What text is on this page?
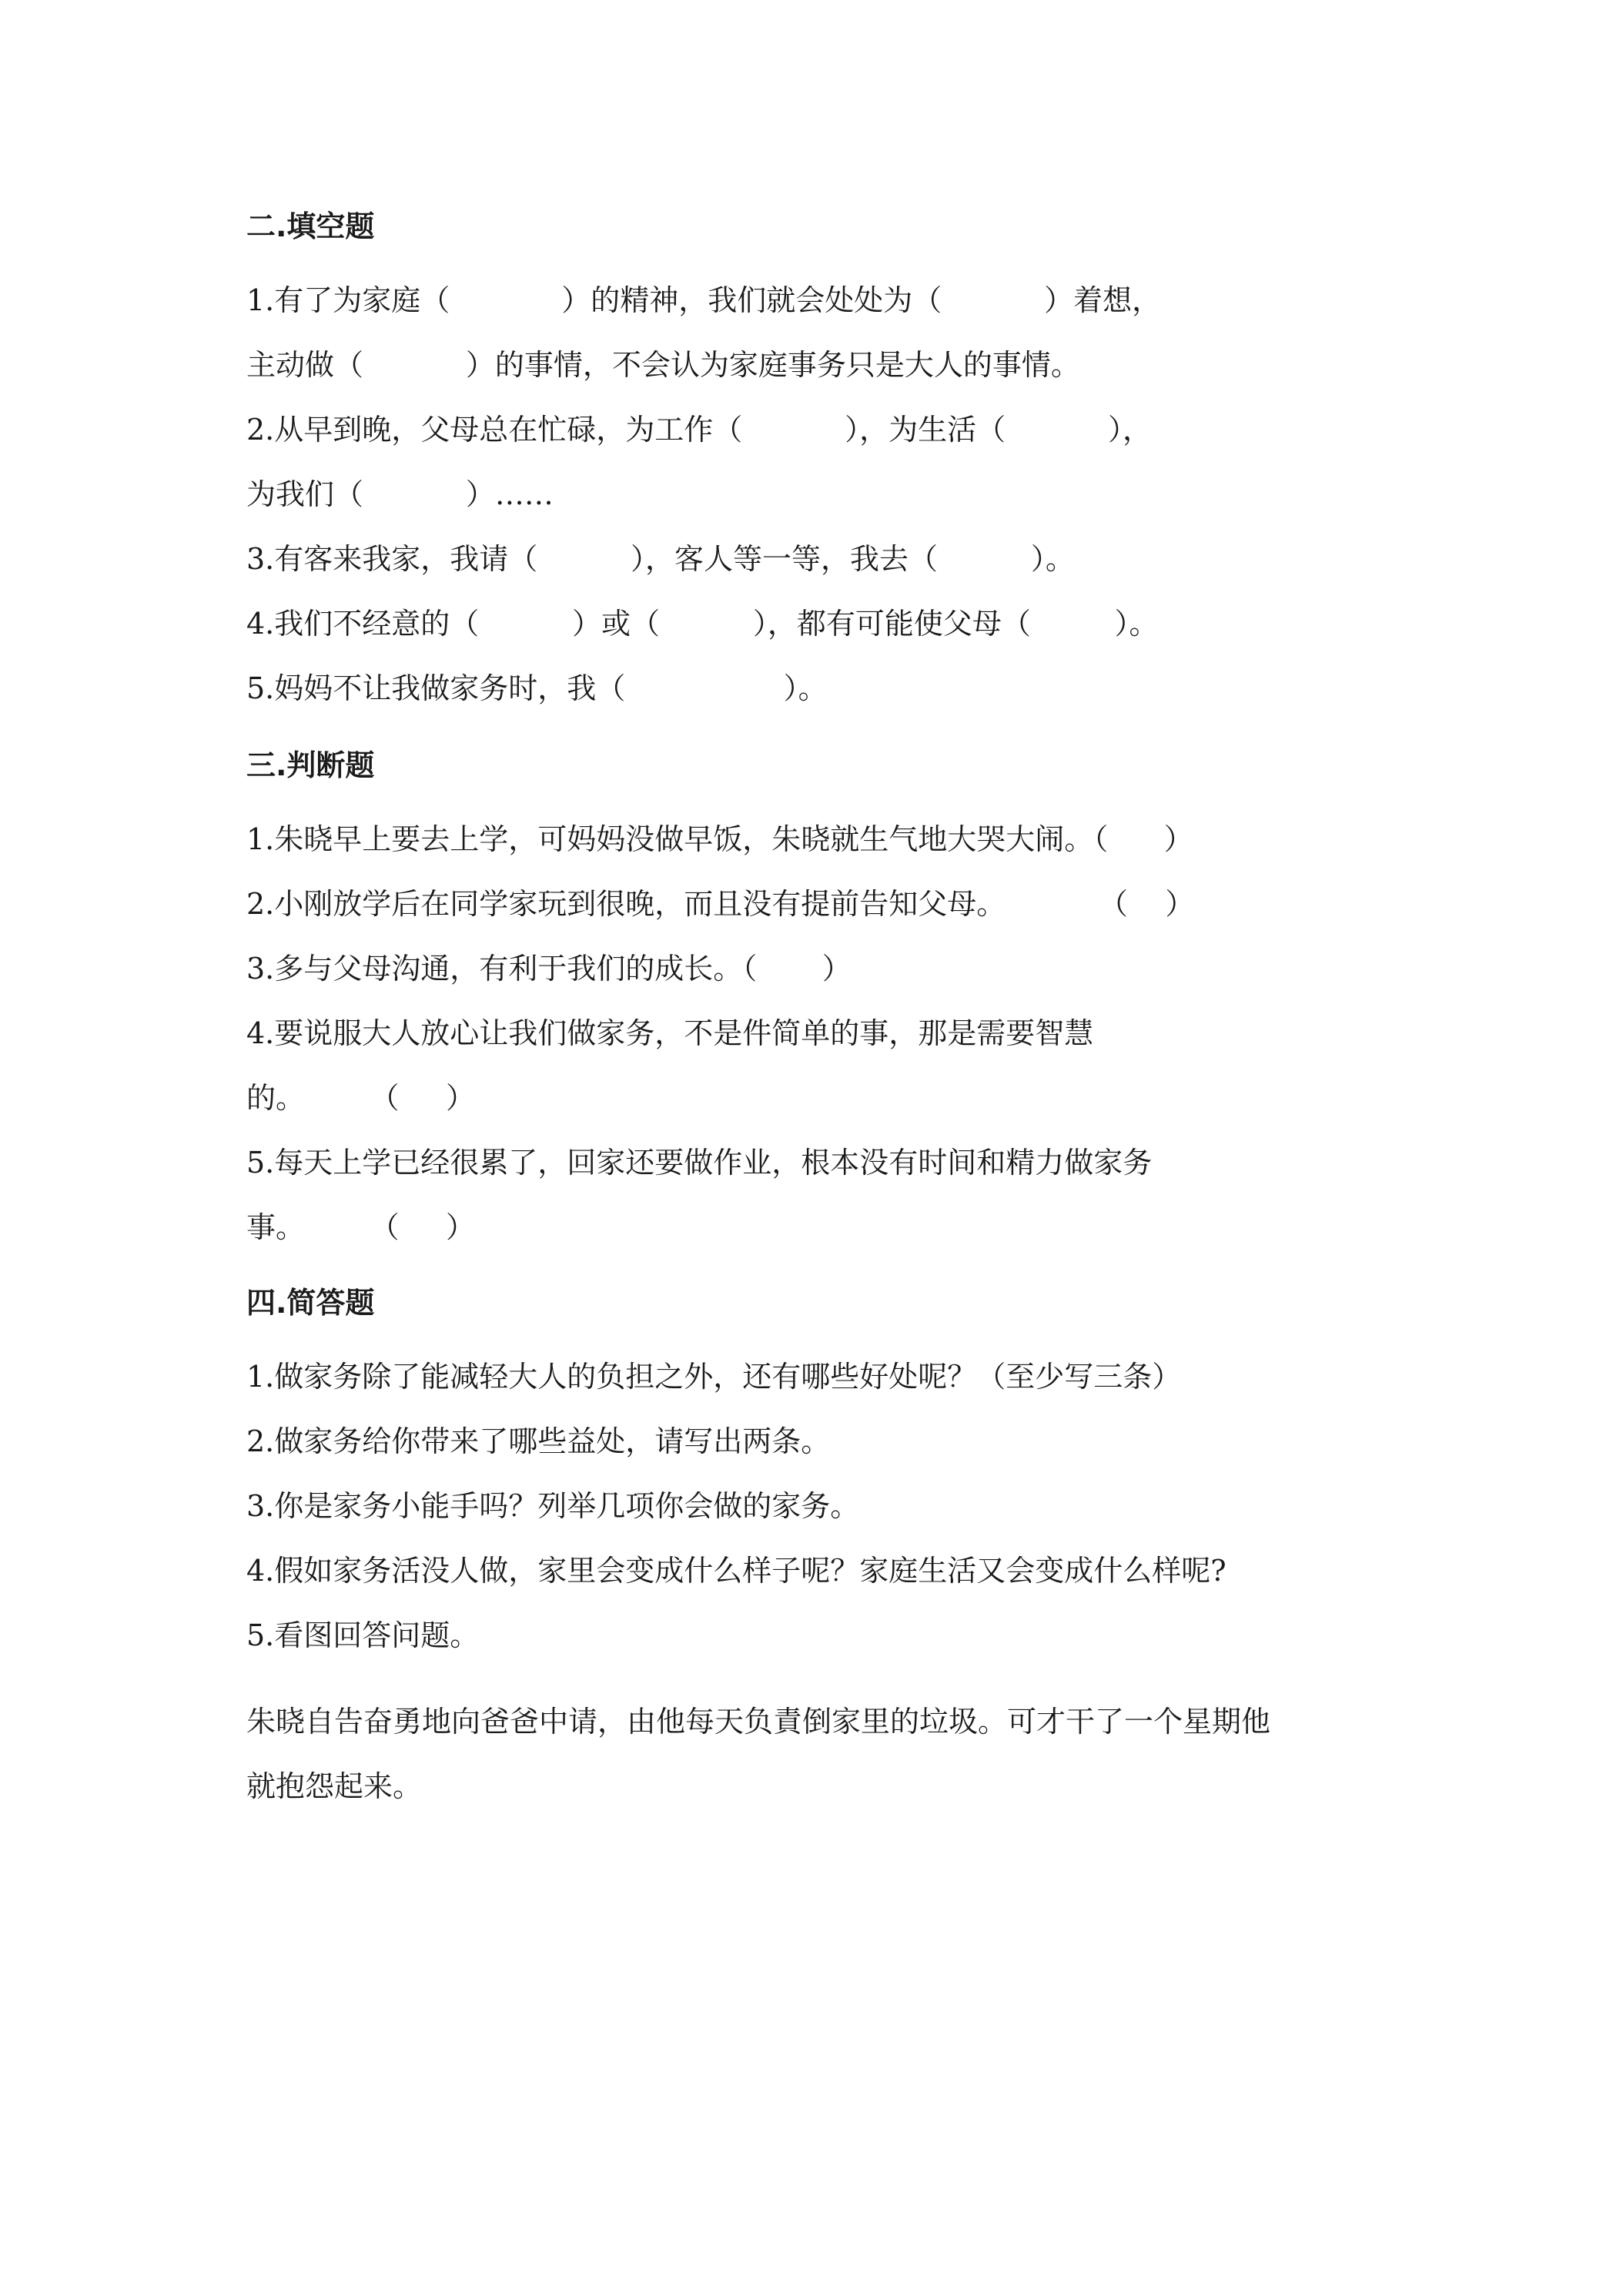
二.填空题

1.有了为家庭（            ）的精神，我们就会处处为（           ）着想，

主动做（           ）的事情，不会认为家庭事务只是大人的事情。

2.从早到晚，父母总在忙碌，为工作（           ），为生活（           ），

为我们（           ）……

3.有客来我家，我请（          ），客人等一等，我去（          ）。

4.我们不经意的（          ）或（          ），都有可能使父母（         ）。

5.妈妈不让我做家务时，我（                 ）。

三.判断题

1.朱晓早上要去上学，可妈妈没做早饭，朱晓就生气地大哭大闹。（      ）

2.小刚放学后在同学家玩到很晚，而且没有提前告知父母。          （    ）

3.多与父母沟通，有利于我们的成长。（       ）

4.要说服大人放心让我们做家务，不是件简单的事，那是需要智慧

的。       （     ）

5.每天上学已经很累了，回家还要做作业，根本没有时间和精力做家务

事。       （     ）

四.简答题

1.做家务除了能减轻大人的负担之外，还有哪些好处呢？（至少写三条）

2.做家务给你带来了哪些益处，请写出两条。

3.你是家务小能手吗？列举几项你会做的家务。

4.假如家务活没人做，家里会变成什么样子呢？家庭生活又会变成什么样呢?

5.看图回答问题。

朱晓自告奋勇地向爸爸中请，由他每天负責倒家里的垃圾。可才干了一个星期他

就抱怨起来。
